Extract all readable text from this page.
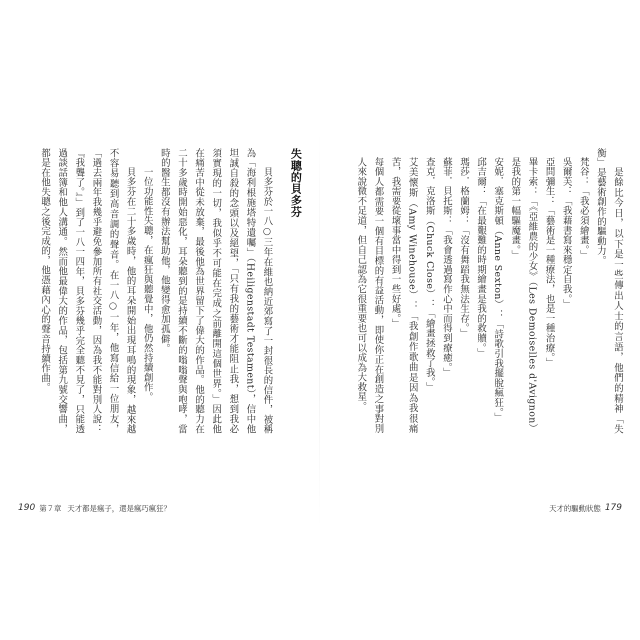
是餘比今日，以下是一些傳出人士的言語，他們的精神「失衡」是藝術創作的驅動力。

梵谷：「我必須繪畫。」

吳爾芙：「我藉書寫來穩定自我。」

亞問彌生：「藝術是一種療法，也是一種治療。」

畢卡索：「《亞維農的少女》（Les Demoiselles d'Avignon）是我的第一幅驅魔畫。」

安妮．塞克斯頓（Anne Sexton）：「詩歌引我擺脫瘋狂。」

邱吉爾：「在最艱難的時期繪畫是我的救贖。」

瑪莎．格蘭姆：「沒有舞蹈我無法生存。」

蘇菲．貝托斯：「我會透過寫作心中而得到療癒。」

查克．克洛斯（Chuck Close）：「繪畫拯救了我。」

艾美懷斯（Amy Winehouse）：「我創作歌曲是因為我很痛苦，我需要從壞事當中得到一些好處。」

每個人都需要一個有目標的有益活動，即使你正在創造之事對別人來說微不足道，但自己認為它很重要也可以成為大救星。

失聰的貝多芬

貝多芬於一八○三年在維也納近郊寫了一封很長的信件，被稱為「海利根施塔特遺囑」（Heiligenstadt Testament），信中他坦誠自殺的念頭以及絕望，「只有我的藝術才能阻止我，想到我必須實現的一切，我似乎不可能在完成之前離開這個世界。」因此他在痛苦中從未放棄，最後他為世界留下了偉大的作品。他的聽力在二十多歲時開始惡化，耳朵聽到的是持續不斷的嗡嗡聲與咆哮，當時的醫生都沒有辦法幫助他，他變得愈加孤僻。

一位功能性失聰，在瘋狂與聽覺中，他仍然持續創作。

貝多芬在二十多歲時，他的耳朵開始出現耳鳴的現象，越來越不容易聽到高音調的聲音。在一八○一年，他寫信給一位朋友，「過去兩年我幾乎避免參加所有社交活動，因為我不能對別人說：『我聾了。』」到了一八一四年，貝多芬幾乎完全聽不見了，只能透過談話簿和他人溝通。然而他最偉大的作品，包括第九號交響曲，都是在他失聰之後完成的，他憑藉內心的聲音持續作曲。

190 第７章 天才都是瘋子，還是瘋巧瘋狂？	天才的驅動狀態 179
